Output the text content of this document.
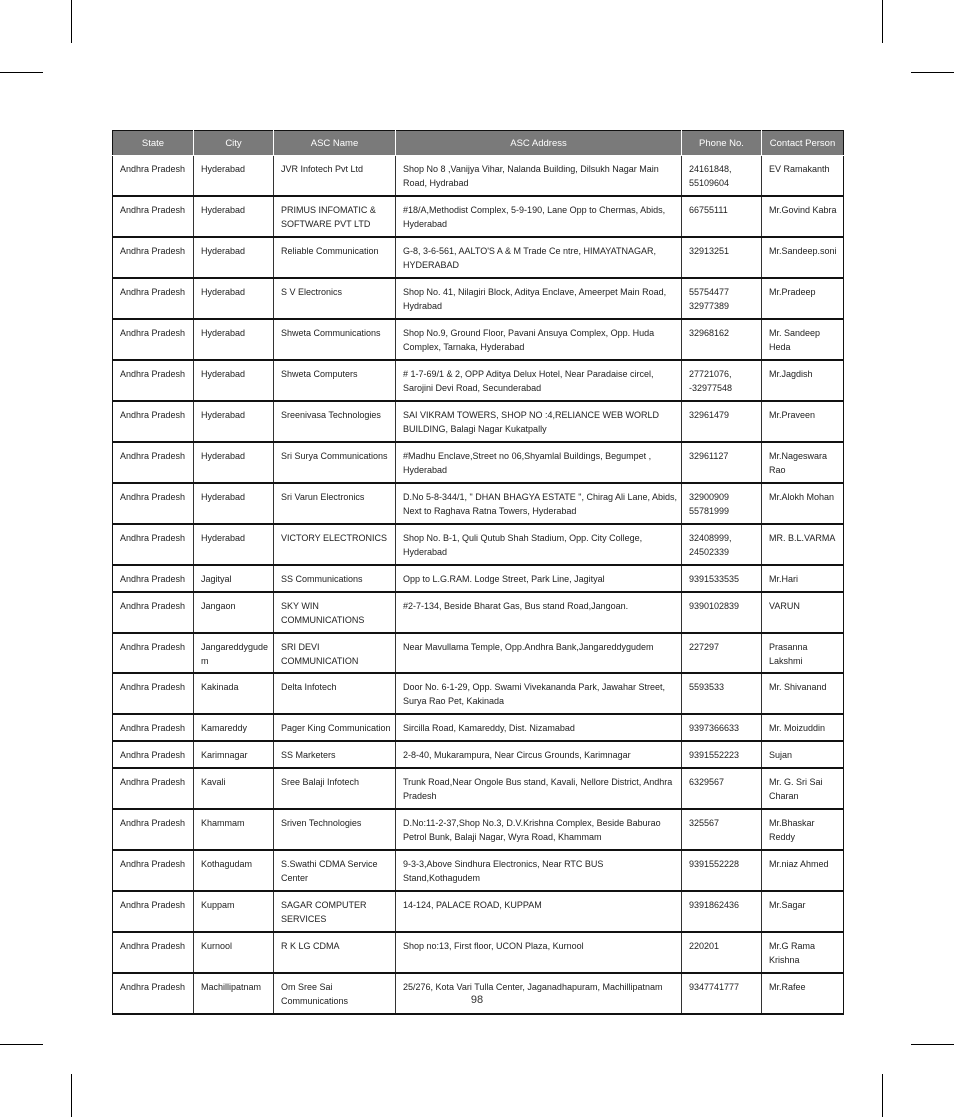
State	City	ASC Name	ASC Address	Phone No.	Contact Person
Andhra Pradesh	Hyderabad	JVR Infotech Pvt Ltd	Shop No 8 ,Vanijya Vihar, Nalanda Building, Dilsukh Nagar Main Road, Hydrabad	24161848, 55109604	EV Ramakanth
Andhra Pradesh	Hyderabad	PRIMUS INFOMATIC & SOFTWARE PVT LTD	#18/A,Methodist Complex, 5-9-190, Lane Opp to Chermas, Abids, Hyderabad	66755111	Mr.Govind Kabra
Andhra Pradesh	Hyderabad	Reliable Communication	G-8, 3-6-561, AALTO'S A & M Trade Ce ntre, HIMAYATNAGAR, HYDERABAD	32913251	Mr.Sandeep.soni
Andhra Pradesh	Hyderabad	S V Electronics	Shop No. 41, Nilagiri Block, Aditya Enclave, Ameerpet Main Road, Hydrabad	55754477 32977389	Mr.Pradeep
Andhra Pradesh	Hyderabad	Shweta Communications	Shop No.9, Ground Floor, Pavani Ansuya Complex, Opp. Huda Complex, Tarnaka, Hyderabad	32968162	Mr. Sandeep Heda
Andhra Pradesh	Hyderabad	Shweta Computers	# 1-7-69/1 & 2, OPP Aditya Delux Hotel, Near Paradaise circel, Sarojini Devi Road, Secunderabad	27721076, -32977548	Mr.Jagdish
Andhra Pradesh	Hyderabad	Sreenivasa Technologies	SAI VIKRAM TOWERS, SHOP NO :4,RELIANCE WEB WORLD BUILDING, Balagi Nagar Kukatpally	32961479	Mr.Praveen
Andhra Pradesh	Hyderabad	Sri Surya Communications	#Madhu Enclave,Street no 06,Shyamlal Buildings, Begumpet , Hyderabad	32961127	Mr.Nageswara Rao
Andhra Pradesh	Hyderabad	Sri Varun Electronics	D.No 5-8-344/1, " DHAN BHAGYA ESTATE ", Chirag Ali Lane, Abids, Next to Raghava Ratna Towers, Hyderabad	32900909 55781999	Mr.Alokh Mohan
Andhra Pradesh	Hyderabad	VICTORY ELECTRONICS	Shop No. B-1, Quli Qutub Shah Stadium, Opp. City College, Hyderabad	32408999, 24502339	MR. B.L.VARMA
Andhra Pradesh	Jagityal	SS Communications	Opp to L.G.RAM. Lodge Street, Park Line, Jagityal	9391533535	Mr.Hari
Andhra Pradesh	Jangaon	SKY WIN COMMUNICATIONS	#2-7-134, Beside Bharat Gas, Bus stand Road,Jangoan.	9390102839	VARUN
Andhra Pradesh	Jangareddygudem	SRI DEVI COMMUNICATION	Near Mavullama Temple, Opp.Andhra Bank,Jangareddygudem	227297	Prasanna Lakshmi
Andhra Pradesh	Kakinada	Delta Infotech	Door No. 6-1-29, Opp. Swami Vivekananda Park, Jawahar Street, Surya Rao Pet, Kakinada	5593533	Mr. Shivanand
Andhra Pradesh	Kamareddy	Pager King Communication	Sircilla Road, Kamareddy, Dist. Nizamabad	9397366633	Mr. Moizuddin
Andhra Pradesh	Karimnagar	SS Marketers	2-8-40, Mukarampura, Near Circus Grounds, Karimnagar	9391552223	Sujan
Andhra Pradesh	Kavali	Sree Balaji Infotech	Trunk Road,Near Ongole Bus stand, Kavali, Nellore District, Andhra Pradesh	6329567	Mr. G. Sri Sai Charan
Andhra Pradesh	Khammam	Sriven Technologies	D.No:11-2-37,Shop No.3, D.V.Krishna Complex, Beside Baburao Petrol Bunk, Balaji Nagar, Wyra Road, Khammam	325567	Mr.Bhaskar Reddy
Andhra Pradesh	Kothagudam	S.Swathi CDMA Service Center	9-3-3,Above Sindhura Electronics, Near RTC BUS Stand,Kothagudem	9391552228	Mr.niaz Ahmed
Andhra Pradesh	Kuppam	SAGAR COMPUTER SERVICES	14-124, PALACE ROAD, KUPPAM	9391862436	Mr.Sagar
Andhra Pradesh	Kurnool	R K LG CDMA	Shop no:13, First floor, UCON Plaza, Kurnool	220201	Mr.G Rama Krishna
Andhra Pradesh	Machillipatnam	Om Sree Sai Communications	25/276, Kota Vari Tulla Center, Jaganadhapuram, Machillipatnam	9347741777	Mr.Rafee
98
